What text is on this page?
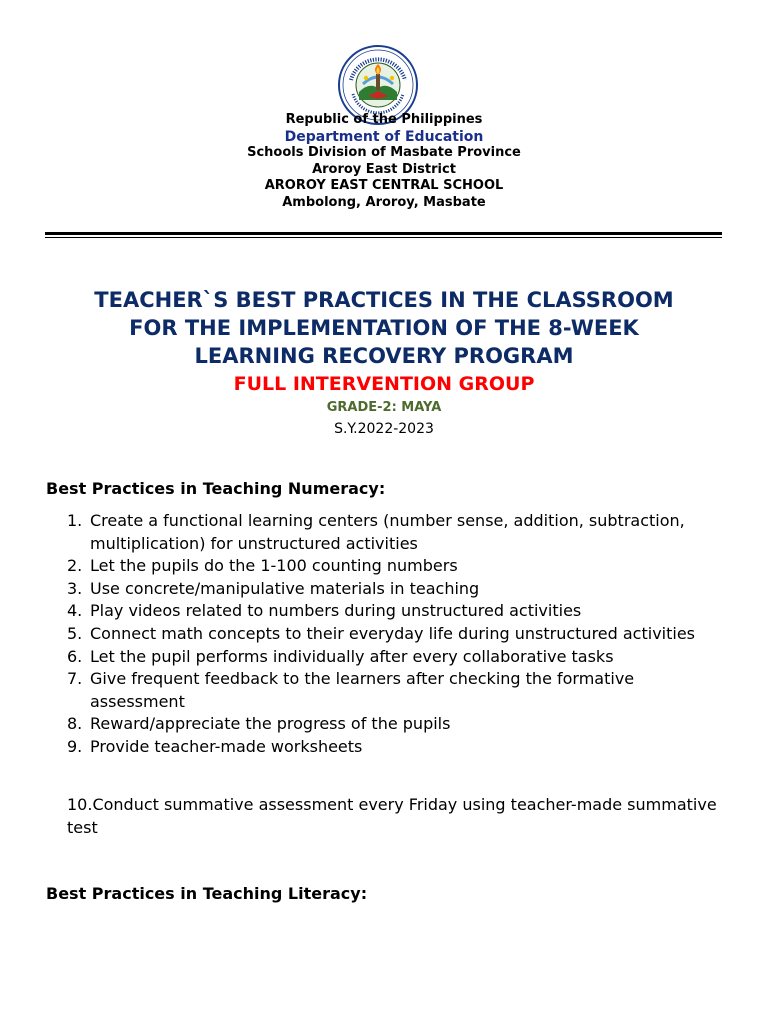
Republic of the Philippines
Department of Education
Schools Division of Masbate Province
Aroroy East District
AROROY EAST CENTRAL SCHOOL
Ambolong, Aroroy, Masbate
TEACHER`S BEST PRACTICES IN THE CLASSROOM
FOR THE IMPLEMENTATION OF THE 8-WEEK
LEARNING RECOVERY PROGRAM
FULL INTERVENTION GROUP
GRADE-2: MAYA
S.Y.2022-2023
Best Practices in Teaching Numeracy:
1. Create a functional learning centers (number sense, addition, subtraction, multiplication) for unstructured activities
2. Let the pupils do the 1-100 counting numbers
3. Use concrete/manipulative materials in teaching
4. Play videos related to numbers during unstructured activities
5. Connect math concepts to their everyday life during unstructured activities
6. Let the pupil performs individually after every collaborative tasks
7. Give frequent feedback to the learners after checking the formative assessment
8. Reward/appreciate the progress of the pupils
9. Provide teacher-made worksheets
10.Conduct summative assessment every Friday using teacher-made summative test
Best Practices in Teaching Literacy:
